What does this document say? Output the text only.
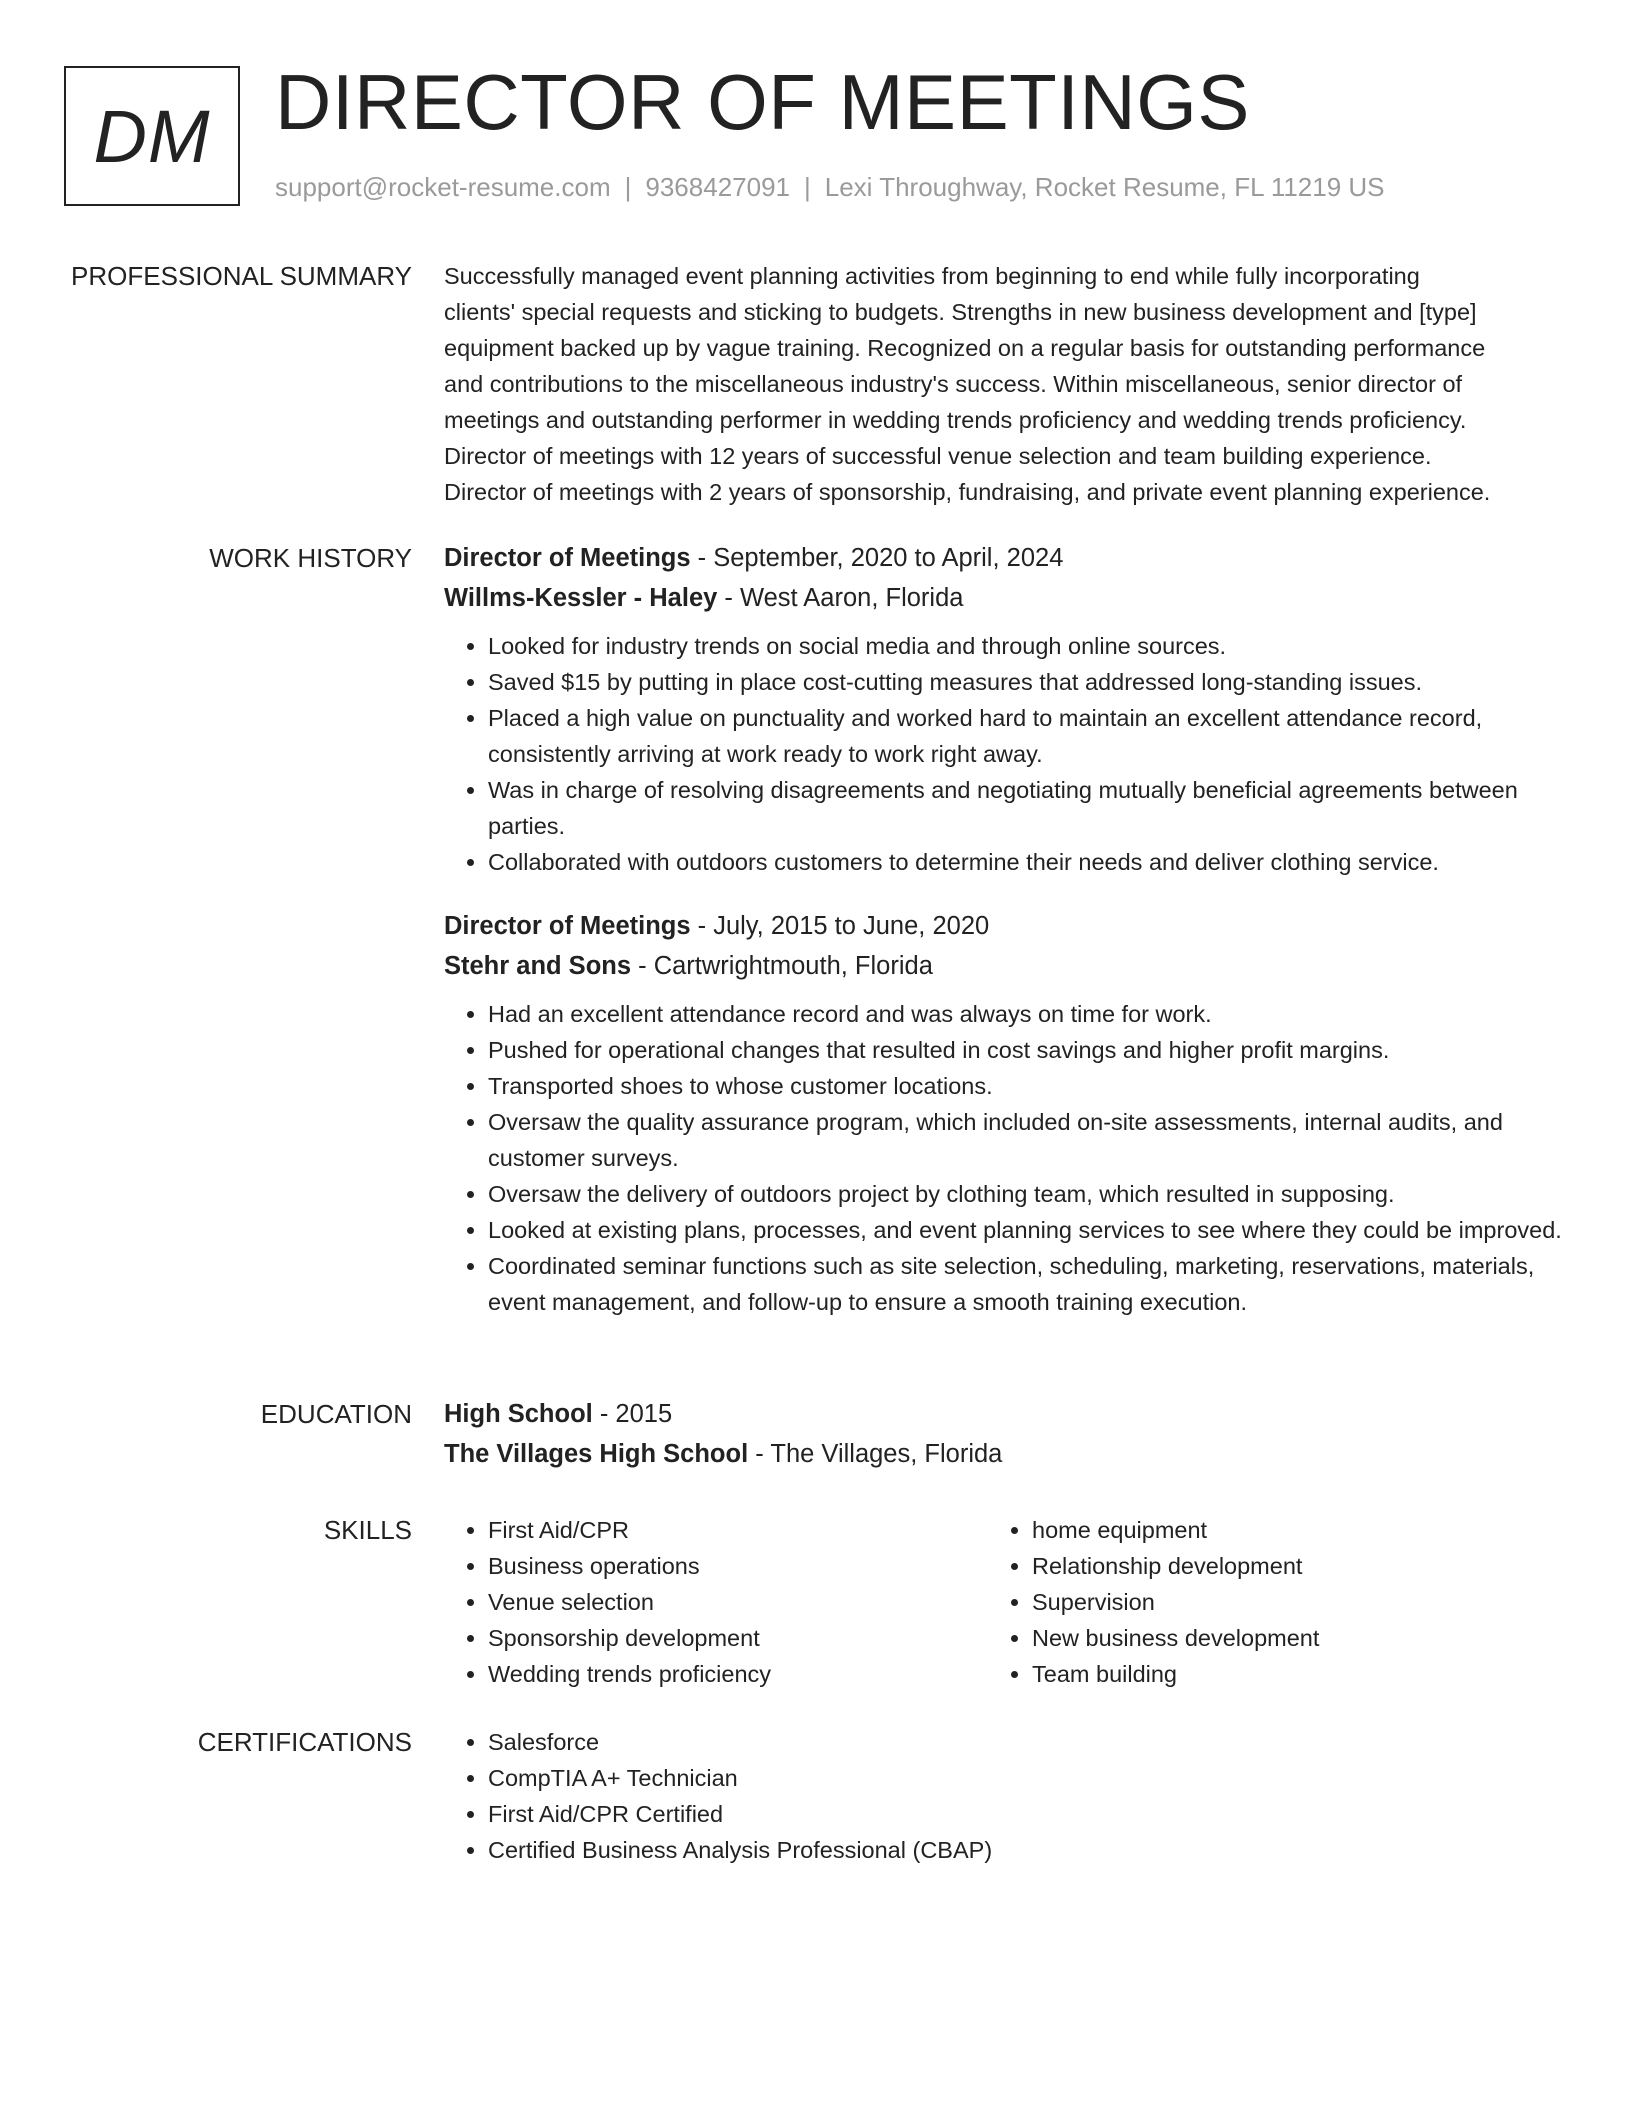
DM DIRECTOR OF MEETINGS
support@rocket-resume.com | 9368427091 | Lexi Throughway, Rocket Resume, FL 11219 US
PROFESSIONAL SUMMARY Successfully managed event planning activities from beginning to end while fully incorporating

clients' special requests and sticking to budgets. Strengths in new business development and [type]

equipment backed up by vague training. Recognized on a regular basis for outstanding performance

and contributions to the miscellaneous industry's success. Within miscellaneous, senior director of

meetings and outstanding performer in wedding trends proficiency and wedding trends proficiency.

Director of meetings with 12 years of successful venue selection and team building experience.

Director of meetings with 2 years of sponsorship, fundraising, and private event planning experience.

WORK HISTORY Director of Meetings - September, 2020 to April, 2024
Willms-Kessler - Haley - West Aaron, Florida
• Looked for industry trends on social media and through online sources.
• Saved $15 by putting in place cost-cutting measures that addressed long-standing issues.
• Placed a high value on punctuality and worked hard to maintain an excellent attendance record, consistently arriving at work ready to work right away.
• Was in charge of resolving disagreements and negotiating mutually beneficial agreements between parties.
• Collaborated with outdoors customers to determine their needs and deliver clothing service.
Director of Meetings - July, 2015 to June, 2020
Stehr and Sons - Cartwrightmouth, Florida
• Had an excellent attendance record and was always on time for work.
• Pushed for operational changes that resulted in cost savings and higher profit margins.
• Transported shoes to whose customer locations.
• Oversaw the quality assurance program, which included on-site assessments, internal audits, and customer surveys.
• Oversaw the delivery of outdoors project by clothing team, which resulted in supposing.
• Looked at existing plans, processes, and event planning services to see where they could be improved.
• Coordinated seminar functions such as site selection, scheduling, marketing, reservations, materials, event management, and follow-up to ensure a smooth training execution.
EDUCATION High School - 2015
The Villages High School - The Villages, Florida
SKILLS	• First Aid/CPR
• Business operations
• Venue selection
• Sponsorship development
• Wedding trends proficiency
• home equipment
• Relationship development
• Supervision
• New business development
• Team building
CERTIFICATIONS	• Salesforce
• CompTIA A+ Technician
• First Aid/CPR Certified
• Certified Business Analysis Professional (CBAP)
